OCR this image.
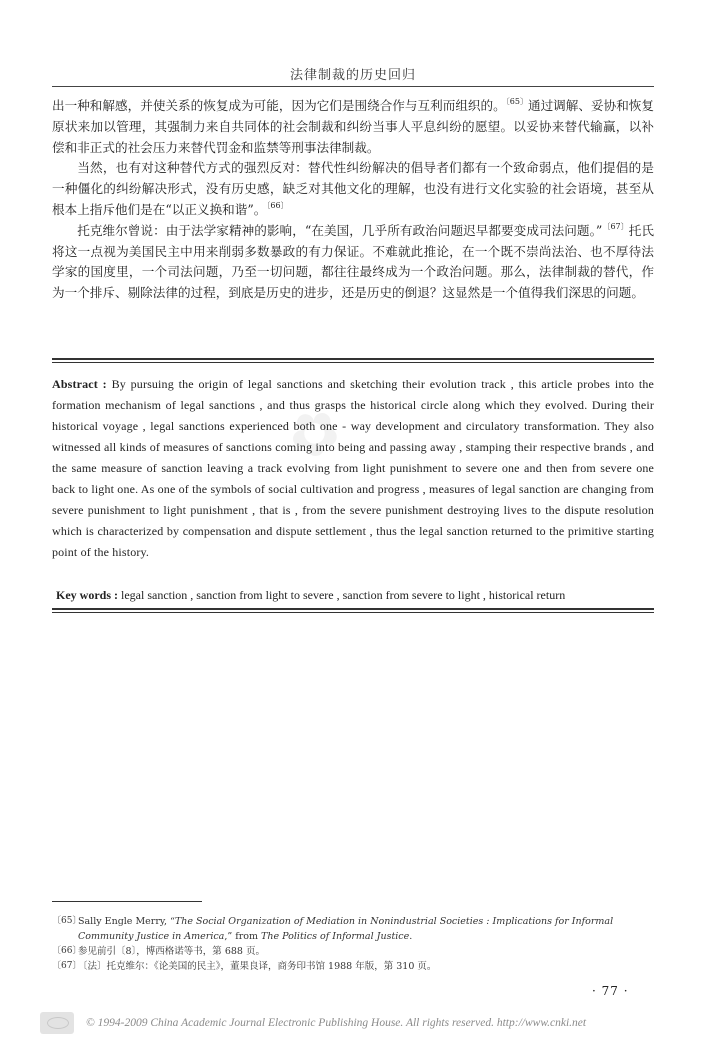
法律制裁的历史回归

出一种和解感，并使关系的恢复成为可能，因为它们是围绕合作与互利而组织的。$^{〔65〕}$通过调解、妥协和恢复原状来加以管理，其强制力来自共同体的社会制裁和纠纷当事人平息纠纷的愿望。以妥协来替代输赢，以补偿和非正式的社会压力来替代罚金和监禁等刑事法律制裁。

当然，也有对这种替代方式的强烈反对：替代性纠纷解决的倡导者们都有一个致命弱点，他们提倡的是一种僵化的纠纷解决形式，没有历史感，缺乏对其他文化的理解，也没有进行文化实验的社会语境，甚至从根本上指斥他们是在“以正义换和谐”。$^{〔66〕}$

托克维尔曾说：由于法学家精神的影响，“在美国，几乎所有政治问题迟早都要变成司法问题。”$^{〔67〕}$托氏将这一点视为美国民主中用来削弱多数暴政的有力保证。不难就此推论，在一个既不崇尚法治、也不厚待法学家的国度里，一个司法问题，乃至一切问题，都往往最终成为一个政治问题。那么，法律制裁的替代，作为一个排斥、剔除法律的过程，到底是历史的进步，还是历史的倒退？这显然是一个值得我们深思的问题。

✿

Abstract : By pursuing the origin of legal sanctions and sketching their evolution track , this article probes into the formation mechanism of legal sanctions , and thus grasps the historical circle along which they evolved. During their historical voyage , legal sanctions experienced both one - way development and circulatory transformation. They also witnessed all kinds of measures of sanctions coming into being and passing away , stamping their respective brands , and the same measure of sanction leaving a track evolving from light punishment to severe one and then from severe one back to light one. As one of the symbols of social cultivation and progress , measures of legal sanction are changing from severe punishment to light punishment , that is , from the severe punishment destroying lives to the dispute resolution which is characterized by compensation and dispute settlement , thus the legal sanction returned to the primitive starting point of the history.

Key words : legal sanction , sanction from light to severe , sanction from severe to light , historical return
〔65〕
Sally Engle Merry, “The Social Organization of Mediation in Nonindustrial Societies : Implications for Informal Community Justice in America,” from The Politics of Informal Justice.
〔66〕
参见前引〔8〕，博西格诺等书，第 688 页。
〔67〕
〔法〕托克维尔：《论美国的民主》，董果良译，商务印书馆 1988 年版，第 310 页。
· 77 ·
© 1994-2009 China Academic Journal Electronic Publishing House. All rights reserved. http://www.cnki.net
